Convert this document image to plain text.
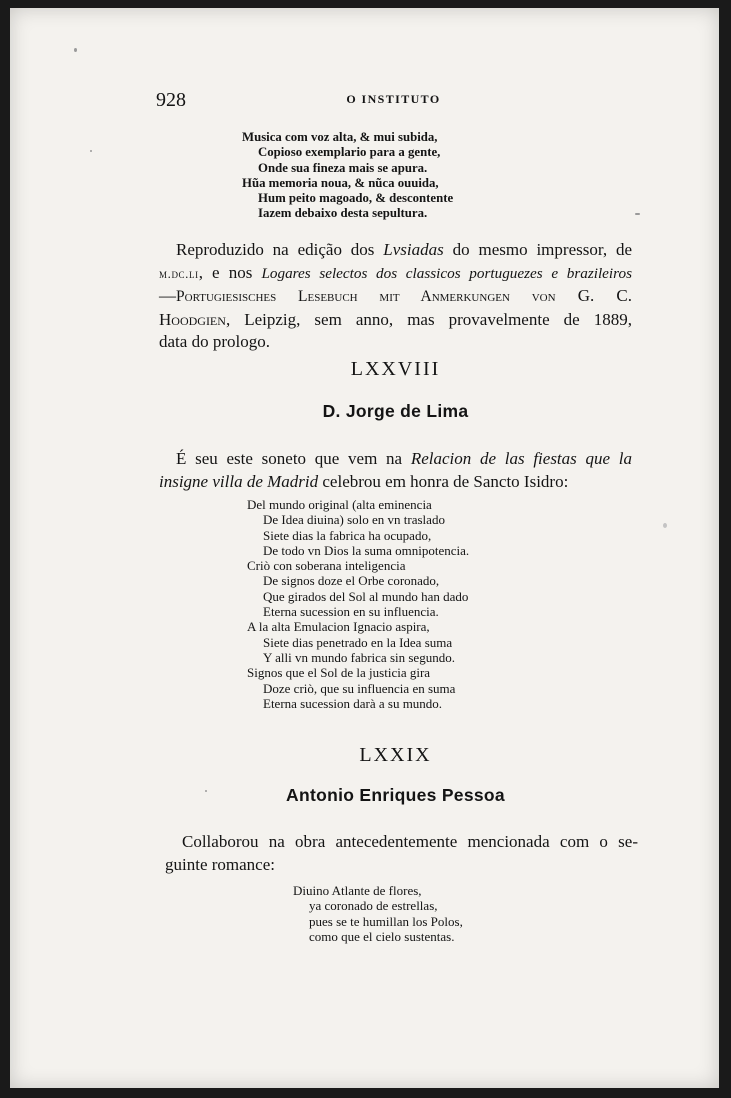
928	O INSTITUTO
Musica com voz alta, & mui subida,
Copioso exemplario para a gente,
Onde sua fineza mais se apura.
Hũa memoria noua, & nũca ouuida,
Hum peito magoado, & descontente
Iazem debaixo desta sepultura.
Reproduzido na edição dos Lvsiadas do mesmo impressor, de
m.dc.li, e nos Logares selectos dos classicos portuguezes e brazileiros
—Portugiesisches Lesebuch mit Anmerkungen von G. C.
Hoodgien, Leipzig, sem anno, mas provavelmente de 1889,
data do prologo.
LXXVIII
D. Jorge de Lima
É seu este soneto que vem na Relacion de las fiestas que la
insigne villa de Madrid celebrou em honra de Sancto Isidro:
Del mundo original (alta eminencia
De Idea diuina) solo en vn traslado
Siete dias la fabrica ha ocupado,
De todo vn Dios la suma omnipotencia.
Criò con soberana inteligencia
De signos doze el Orbe coronado,
Que girados del Sol al mundo han dado
Eterna sucession en su influencia.
A la alta Emulacion Ignacio aspira,
Siete dias penetrado en la Idea suma
Y alli vn mundo fabrica sin segundo.
Signos que el Sol de la justicia gira
Doze criò, que su influencia en suma
Eterna sucession darà a su mundo.
LXXIX
Antonio Enriques Pessoa
Collaborou na obra antecedentemente mencionada com o se-
guinte romance:
Diuino Atlante de flores,
ya coronado de estrellas,
pues se te humillan los Polos,
como que el cielo sustentas.
